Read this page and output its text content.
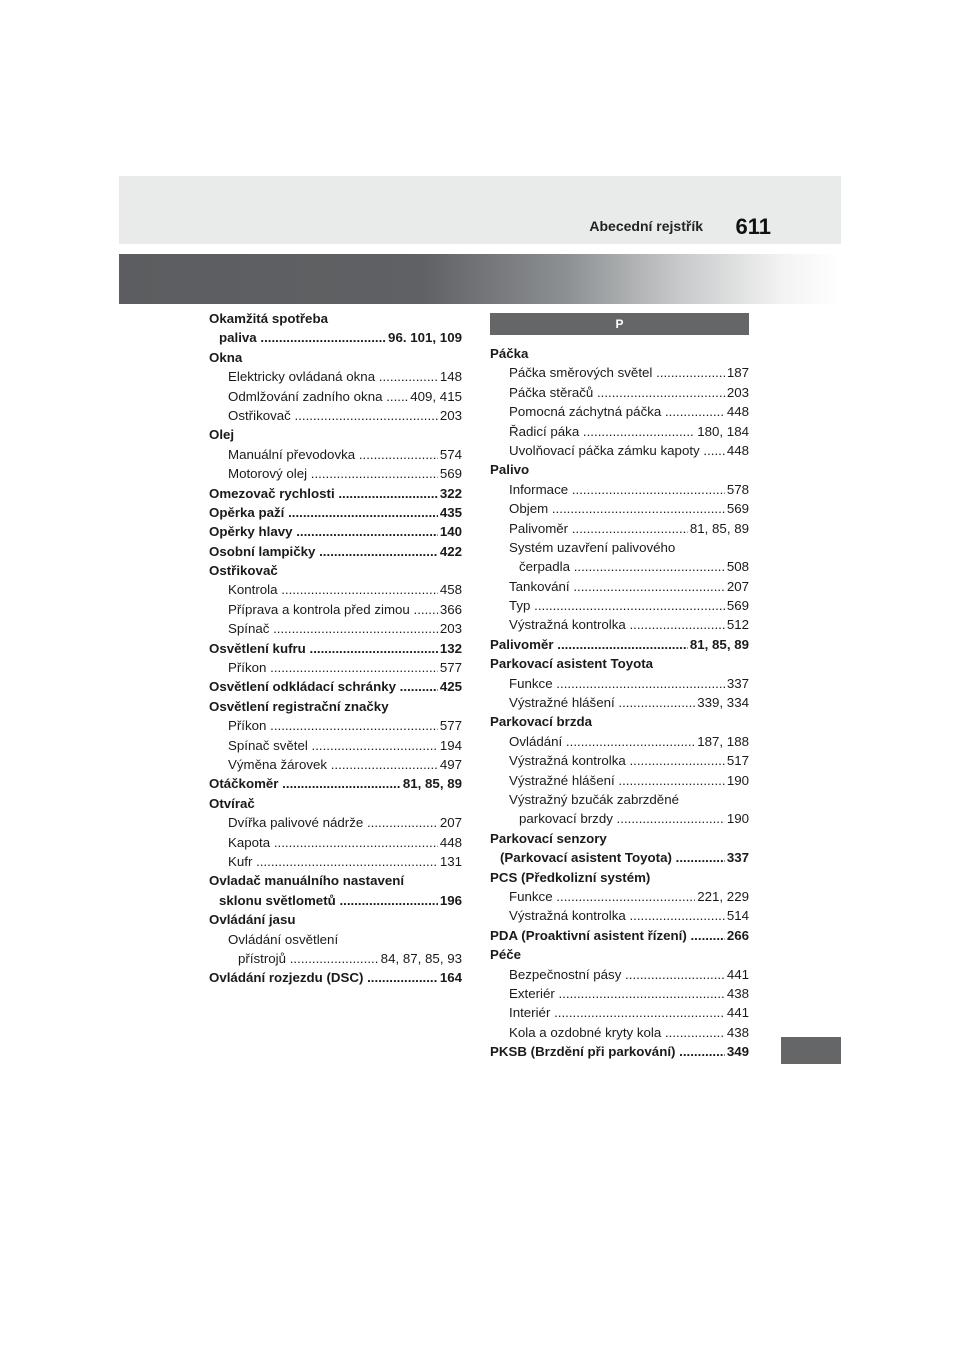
Abecední rejstřík 611
Okamžitá spotřeba
paliva	96. 101, 109
.....
Okna
Elektricky ovládaná okna	148
.....
Odmlžování zadního okna 409, 415
.....
Ostřikovač	203
.....
Olej
Manuální převodovka	574
.....
Motorový olej	569
.....
Omezovač rychlosti	322
.....
Opěrka paží	435
.....
Opěrky hlavy	140
.....
Osobní lampičky	422
.....
Ostřikovač
Kontrola	458
.....
Příprava a kontrola před zimou 366
.....
Spínač	203
.....
Osvětlení kufru	132
.....
Příkon	577
.....
Osvětlení odkládací schránky	425
.....
Osvětlení registrační značky
Příkon	577
.....
Spínač světel	194
.....
Výměna žárovek	497
.....
Otáčkoměr	81, 85, 89
.....
Otvírač
Dvířka palivové nádrže	207
.....
Kapota	448
.....
Kufr	131
.....
Ovladač manuálního nastavení
sklonu světlometů	196
.....
Ovládání jasu
Ovládání osvětlení
přístrojů	84, 87, 85, 93
.....
Ovládání rozjezdu (DSC)	164
.....
P
Páčka
Páčka směrových světel	187
.....
Páčka stěračů	203
.....
Pomocná záchytná páčka	448
.....
Řadicí páka	180, 184
.....
Uvolňovací páčka zámku kapoty 448
.....
Palivo
Informace	578
.....
Objem	569
.....
Palivoměr	81, 85, 89
.....
Systém uzavření palivového
čerpadla	508
.....
Tankování	207
.....
Typ	569
.....
Výstražná kontrolka	512
.....
Palivoměr	81, 85, 89
.....
Parkovací asistent Toyota
Funkce	337
.....
Výstražné hlášení	339, 334
.....
Parkovací brzda
Ovládání	187, 188
.....
Výstražná kontrolka	517
.....
Výstražné hlášení	190
.....
Výstražný bzučák zabrzděné
parkovací brzdy	190
.....
Parkovací senzory
(Parkovací asistent Toyota)	337
.....
PCS (Předkolizní systém)
Funkce	221, 229
.....
Výstražná kontrolka	514
.....
PDA (Proaktivní asistent řízení)	266
.....
Péče
Bezpečnostní pásy	441
.....
Exteriér	438
.....
Interiér	441
.....
Kola a ozdobné kryty kola	438
.....
PKSB (Brzdění při parkování)	349
.....
